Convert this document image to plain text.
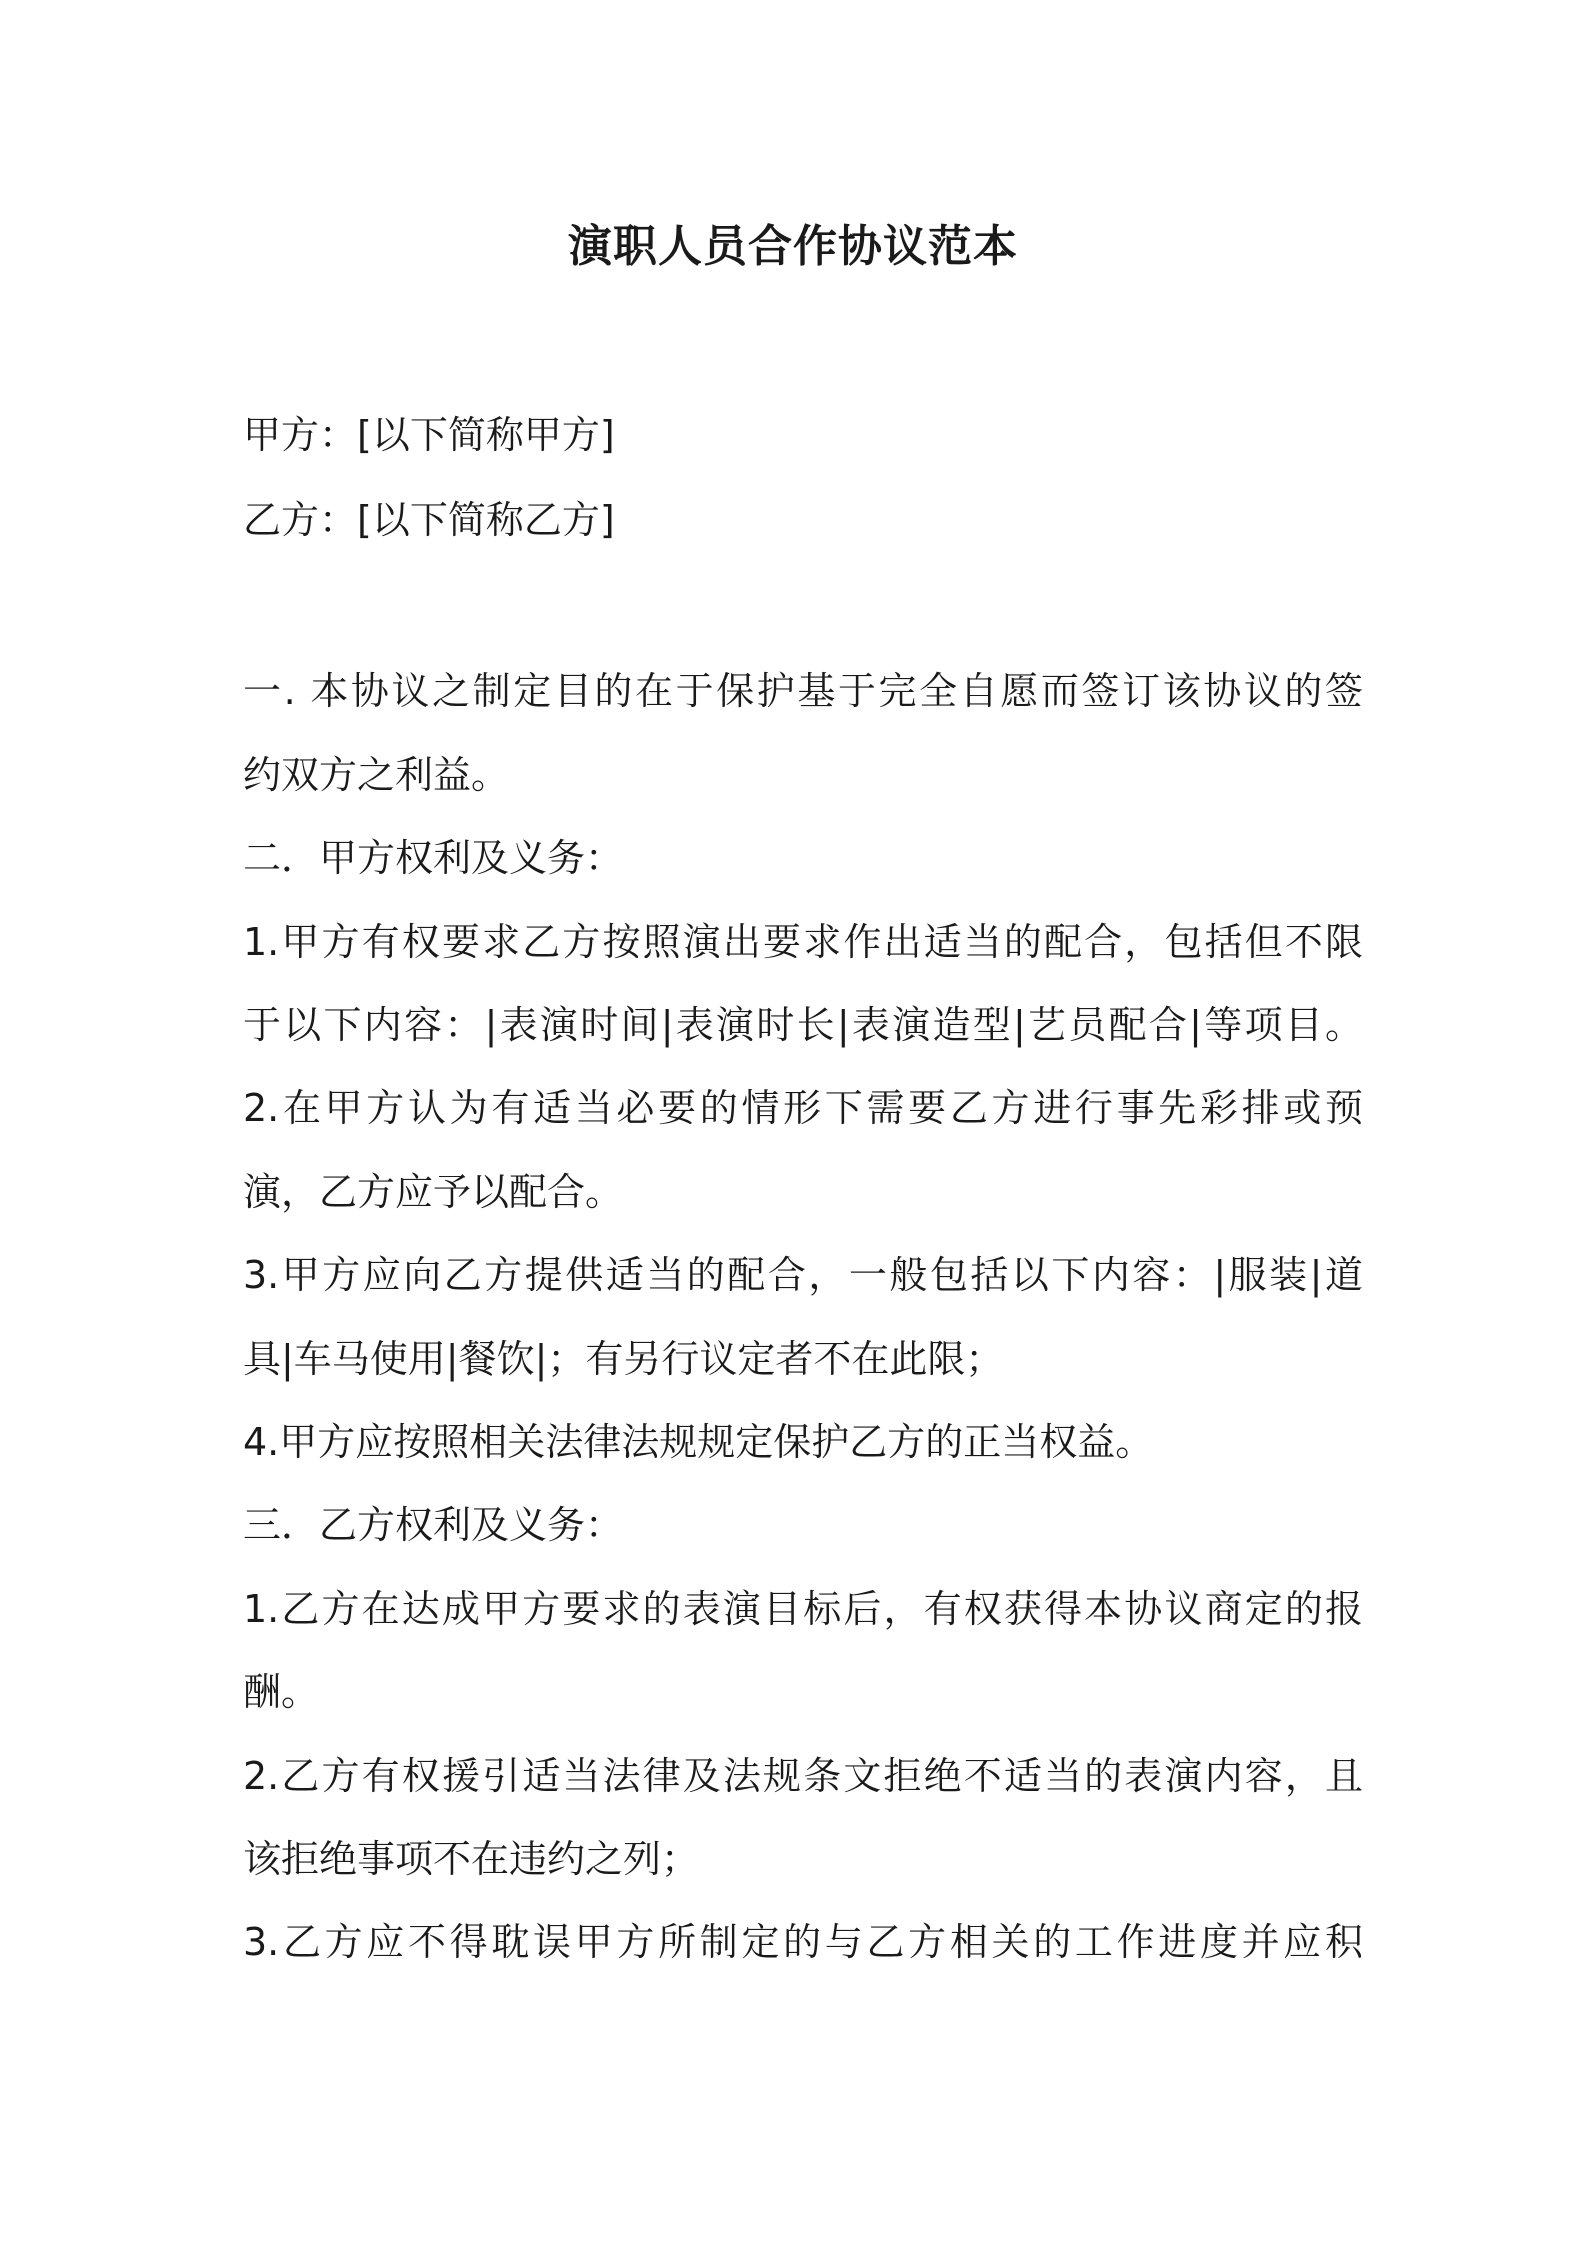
演职人员合作协议范本
甲方：[以下简称甲方]
乙方：[以下简称乙方]
一. 本协议之制定目的在于保护基于完全自愿而签订该协议的签
约双方之利益。
二．甲方权利及义务：
1.甲方有权要求乙方按照演出要求作出适当的配合，包括但不限
于以下内容：|表演时间|表演时长|表演造型|艺员配合|等项目。
2.在甲方认为有适当必要的情形下需要乙方进行事先彩排或预
演，乙方应予以配合。
3.甲方应向乙方提供适当的配合，一般包括以下内容：|服装|道
具|车马使用|餐饮|；有另行议定者不在此限；
4.甲方应按照相关法律法规规定保护乙方的正当权益。
三．乙方权利及义务：
1.乙方在达成甲方要求的表演目标后，有权获得本协议商定的报
酬。
2.乙方有权援引适当法律及法规条文拒绝不适当的表演内容，且
该拒绝事项不在违约之列；
3.乙方应不得耽误甲方所制定的与乙方相关的工作进度并应积
